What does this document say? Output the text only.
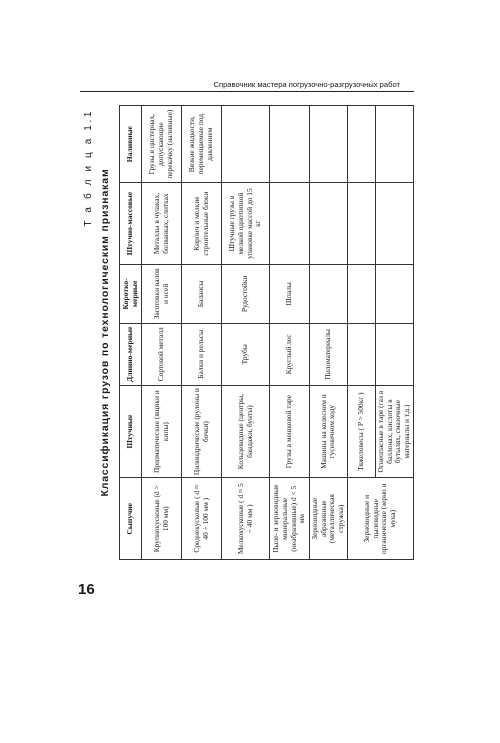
16
Справочник мастера погрузочно-разгрузочных работ
Т а б л и ц а 1.1
Классификация грузов по технологическим признакам
Сыпучие	Штучные	Длинно-мерные	Коротко-мерные	Штучно-массовые	Наливные
Крупнокусковые (d > 100 мм)	Призматические (ящики и кипы)	Сортовой металл	Заготовки валов и осей	Металлы в чушках, болванках, слитках	Грузы в цистернах, допускающие перекачку (наливные)
Среднекусковые ( d ≈ 40 ÷ 100 мм )	Цилиндрические (рулоны и бочки)	Балки и рельсы	Балансы	Кирпич и мелкие строительные блоки	Вязкие жидкости, перемещаемые под давлением
Мелкокусковые ( d ≈ 5 ÷ 40 мм )	Кольцевидные (центры, бандажи, бунты)	Трубы	Рудостойки	Штучные грузы в мелкой однотипной упаковке массой до 15 кг	
Пыле- и зерновидные минеральные (неабразивные) d < 5 мм	Грузы в мешковой таре	Круглый лес	Шпалы		
Зерновидные абразивные (металлическая стружка)	Машины на колесном и гусеничном ходу	Пиломатериалы			
Зерновидные и пылевидные органические (зерно и мука)	Тяжеловесы ( P > 500кг )				
	Огнеопасные в таре (газ в баллонах, кислоты в бутылях, смазочные материалы и т.д.)				
